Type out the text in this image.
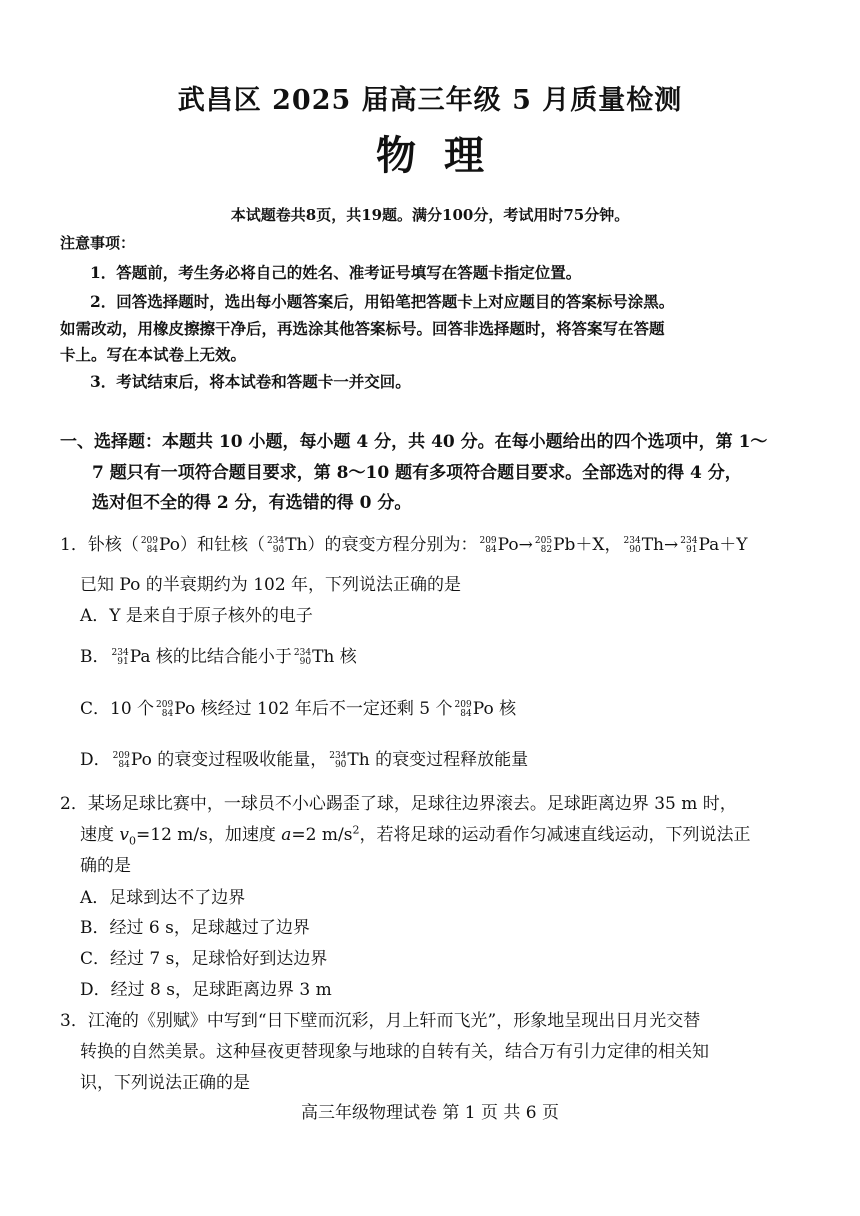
武昌区 2025 届高三年级 5 月质量检测
物理
本试题卷共8页，共19题。满分100分，考试用时75分钟。
注意事项：
1．答题前，考生务必将自己的姓名、准考证号填写在答题卡指定位置。
2．回答选择题时，选出每小题答案后，用铅笔把答题卡上对应题目的答案标号涂黑。
如需改动，用橡皮擦擦干净后，再选涂其他答案标号。回答非选择题时，将答案写在答题
卡上。写在本试卷上无效。
3．考试结束后，将本试卷和答题卡一并交回。
一、选择题：本题共 10 小题，每小题 4 分，共 40 分。在每小题给出的四个选项中，第 1～
7 题只有一项符合题目要求，第 8～10 题有多项符合题目要求。全部选对的得 4 分，
选对但不全的得 2 分，有选错的得 0 分。
1．钋核（ 209
84 Po）和钍核（ 234
90 Th）的衰变方程分别为： 209
84 Po→ 205
82 Pb＋X， 234
90 Th→ 234
91 Pa＋Y
已知 Po 的半衰期约为 102 年，下列说法正确的是
A．Y 是来自于原子核外的电子
B． 234
91 Pa 核的比结合能小于 234
90 Th 核
C．10 个 209
84 Po 核经过 102 年后不一定还剩 5 个 209
84 Po 核
D． 209
84 Po 的衰变过程吸收能量， 234
90 Th 的衰变过程释放能量
2．某场足球比赛中，一球员不小心踢歪了球，足球往边界滚去。足球距离边界 35 m 时，
速度 $v_0=12$ m/s，加速度 a=2 $m/s^2$，若将足球的运动看作匀减速直线运动，下列说法正
确的是
A．足球到达不了边界
B．经过 6 s，足球越过了边界
C．经过 7 s，足球恰好到达边界
D．经过 8 s，足球距离边界 3 m
3．江淹的《别赋》中写到“日下壁而沉彩，月上轩而飞光”，形象地呈现出日月光交替
转换的自然美景。这种昼夜更替现象与地球的自转有关，结合万有引力定律的相关知
识，下列说法正确的是
高三年级物理试卷 第 1 页 共 6 页
